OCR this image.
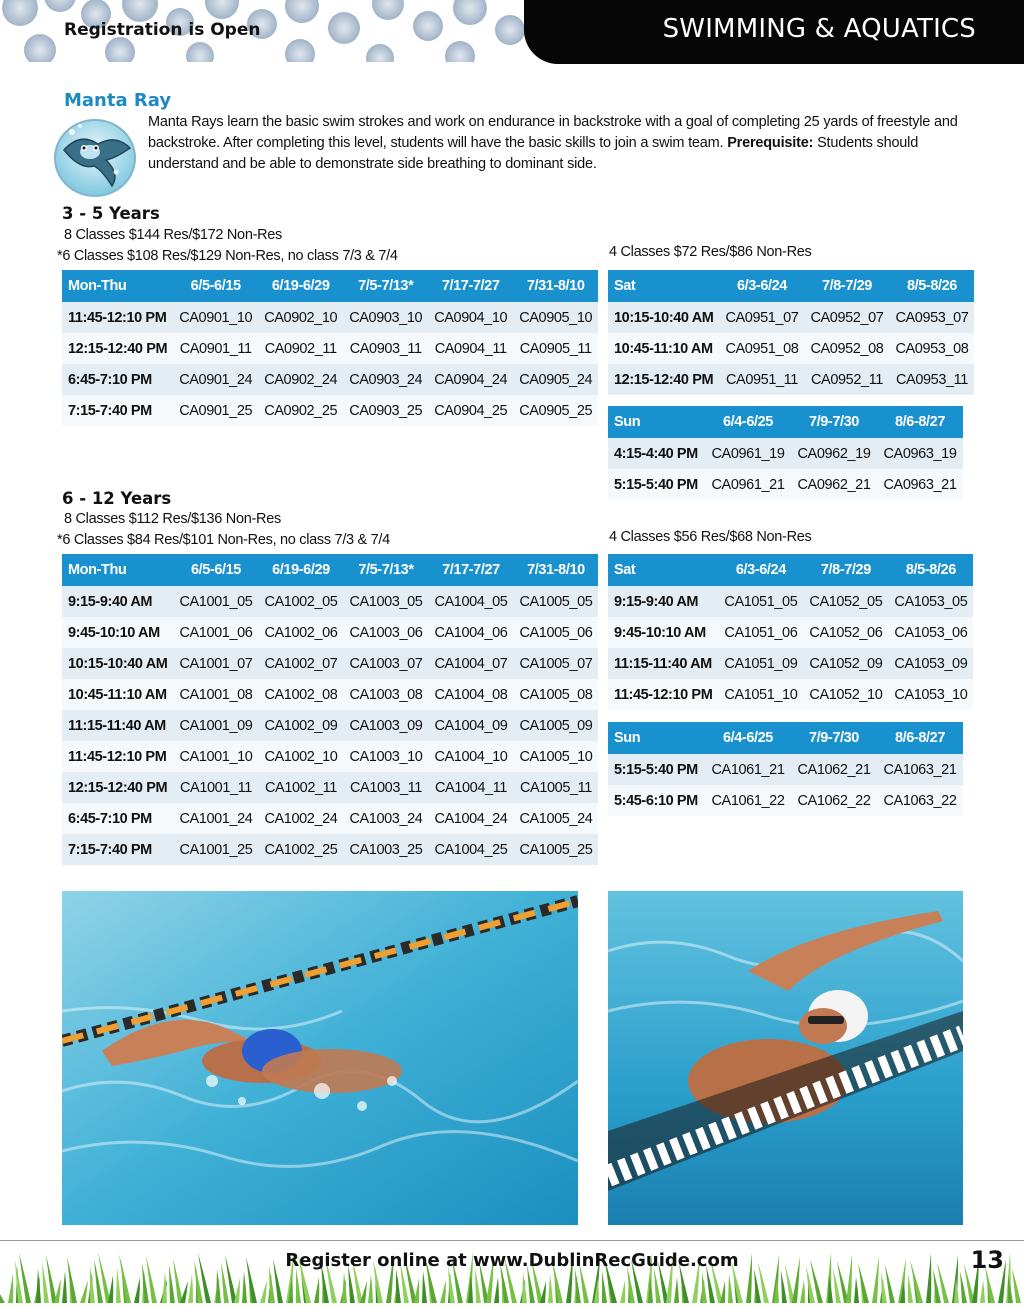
Registration is Open	SWIMMING & AQUATICS
Manta Ray
Manta Rays learn the basic swim strokes and work on endurance in backstroke with a goal of completing 25 yards of freestyle and backstroke. After completing this level, students will have the basic skills to join a swim team. Prerequisite: Students should understand and be able to demonstrate side breathing to dominant side.
3 - 5 Years
8 Classes $144 Res/$172 Non-Res
*6 Classes $108 Res/$129 Non-Res, no class 7/3 & 7/4	4 Classes $72 Res/$86 Non-Res
Mon-Thu	6/5-6/15	6/19-6/29	7/5-7/13*	7/17-7/27	7/31-8/10
11:45-12:10 PM	CA0901_10	CA0902_10	CA0903_10	CA0904_10	CA0905_10
12:15-12:40 PM	CA0901_11	CA0902_11	CA0903_11	CA0904_11	CA0905_11
6:45-7:10 PM	CA0901_24	CA0902_24	CA0903_24	CA0904_24	CA0905_24
7:15-7:40 PM	CA0901_25	CA0902_25	CA0903_25	CA0904_25	CA0905_25
Sat	6/3-6/24	7/8-7/29	8/5-8/26
10:15-10:40 AM	CA0951_07	CA0952_07	CA0953_07
10:45-11:10 AM	CA0951_08	CA0952_08	CA0953_08
12:15-12:40 PM	CA0951_11	CA0952_11	CA0953_11
Sun	6/4-6/25	7/9-7/30	8/6-8/27
4:15-4:40 PM	CA0961_19	CA0962_19	CA0963_19
5:15-5:40 PM	CA0961_21	CA0962_21	CA0963_21
6 - 12 Years
8 Classes $112 Res/$136 Non-Res
*6 Classes $84 Res/$101 Non-Res, no class 7/3 & 7/4	4 Classes $56 Res/$68 Non-Res
Mon-Thu	6/5-6/15	6/19-6/29	7/5-7/13*	7/17-7/27	7/31-8/10
9:15-9:40 AM	CA1001_05	CA1002_05	CA1003_05	CA1004_05	CA1005_05
9:45-10:10 AM	CA1001_06	CA1002_06	CA1003_06	CA1004_06	CA1005_06
10:15-10:40 AM	CA1001_07	CA1002_07	CA1003_07	CA1004_07	CA1005_07
10:45-11:10 AM	CA1001_08	CA1002_08	CA1003_08	CA1004_08	CA1005_08
11:15-11:40 AM	CA1001_09	CA1002_09	CA1003_09	CA1004_09	CA1005_09
11:45-12:10 PM	CA1001_10	CA1002_10	CA1003_10	CA1004_10	CA1005_10
12:15-12:40 PM	CA1001_11	CA1002_11	CA1003_11	CA1004_11	CA1005_11
6:45-7:10 PM	CA1001_24	CA1002_24	CA1003_24	CA1004_24	CA1005_24
7:15-7:40 PM	CA1001_25	CA1002_25	CA1003_25	CA1004_25	CA1005_25
Sat	6/3-6/24	7/8-7/29	8/5-8/26
9:15-9:40 AM	CA1051_05	CA1052_05	CA1053_05
9:45-10:10 AM	CA1051_06	CA1052_06	CA1053_06
11:15-11:40 AM	CA1051_09	CA1052_09	CA1053_09
11:45-12:10 PM	CA1051_10	CA1052_10	CA1053_10
Sun	6/4-6/25	7/9-7/30	8/6-8/27
5:15-5:40 PM	CA1061_21	CA1062_21	CA1063_21
5:45-6:10 PM	CA1061_22	CA1062_22	CA1063_22
Register online at www.DublinRecGuide.com	13
